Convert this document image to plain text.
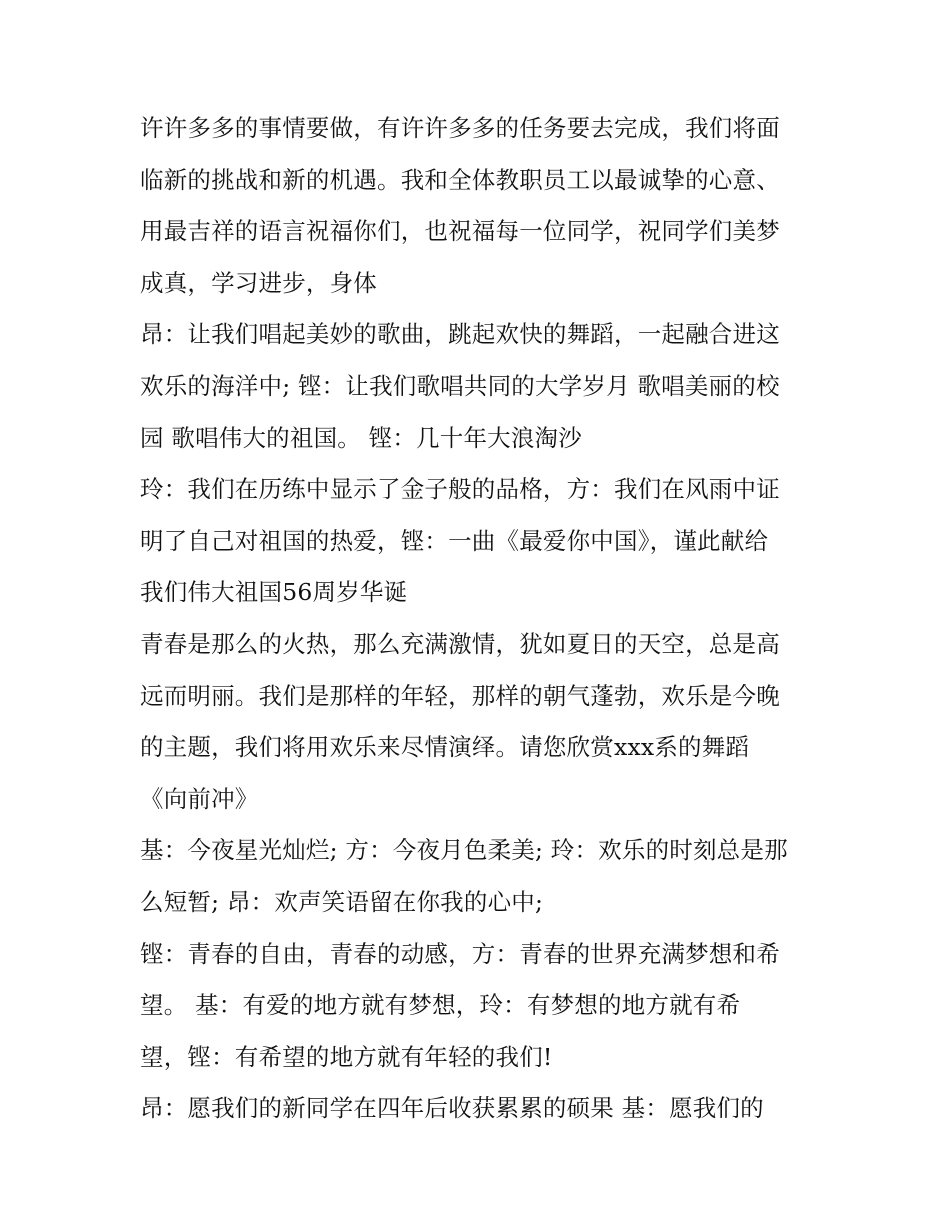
许许多多的事情要做，有许许多多的任务要去完成，我们将面
临新的挑战和新的机遇。我和全体教职员工以最诚挚的心意、
用最吉祥的语言祝福你们，也祝福每一位同学，祝同学们美梦
成真，学习进步，身体
昂：让我们唱起美妙的歌曲，跳起欢快的舞蹈，一起融合进这
欢乐的海洋中; 铿：让我们歌唱共同的大学岁月 歌唱美丽的校
园 歌唱伟大的祖国。 铿：几十年大浪淘沙
玲：我们在历练中显示了金子般的品格，方：我们在风雨中证
明了自己对祖国的热爱，铿：一曲《最爱你中国》，谨此献给
我们伟大祖国56周岁华诞
青春是那么的火热，那么充满激情，犹如夏日的天空，总是高
远而明丽。我们是那样的年轻，那样的朝气蓬勃，欢乐是今晚
的主题，我们将用欢乐来尽情演绎。请您欣赏xxx系的舞蹈
《向前冲》
基：今夜星光灿烂; 方：今夜月色柔美; 玲：欢乐的时刻总是那
么短暂; 昂：欢声笑语留在你我的心中;
铿：青春的自由，青春的动感，方：青春的世界充满梦想和希
望。 基：有爱的地方就有梦想，玲：有梦想的地方就有希
望，铿：有希望的地方就有年轻的我们!
昂：愿我们的新同学在四年后收获累累的硕果 基：愿我们的
